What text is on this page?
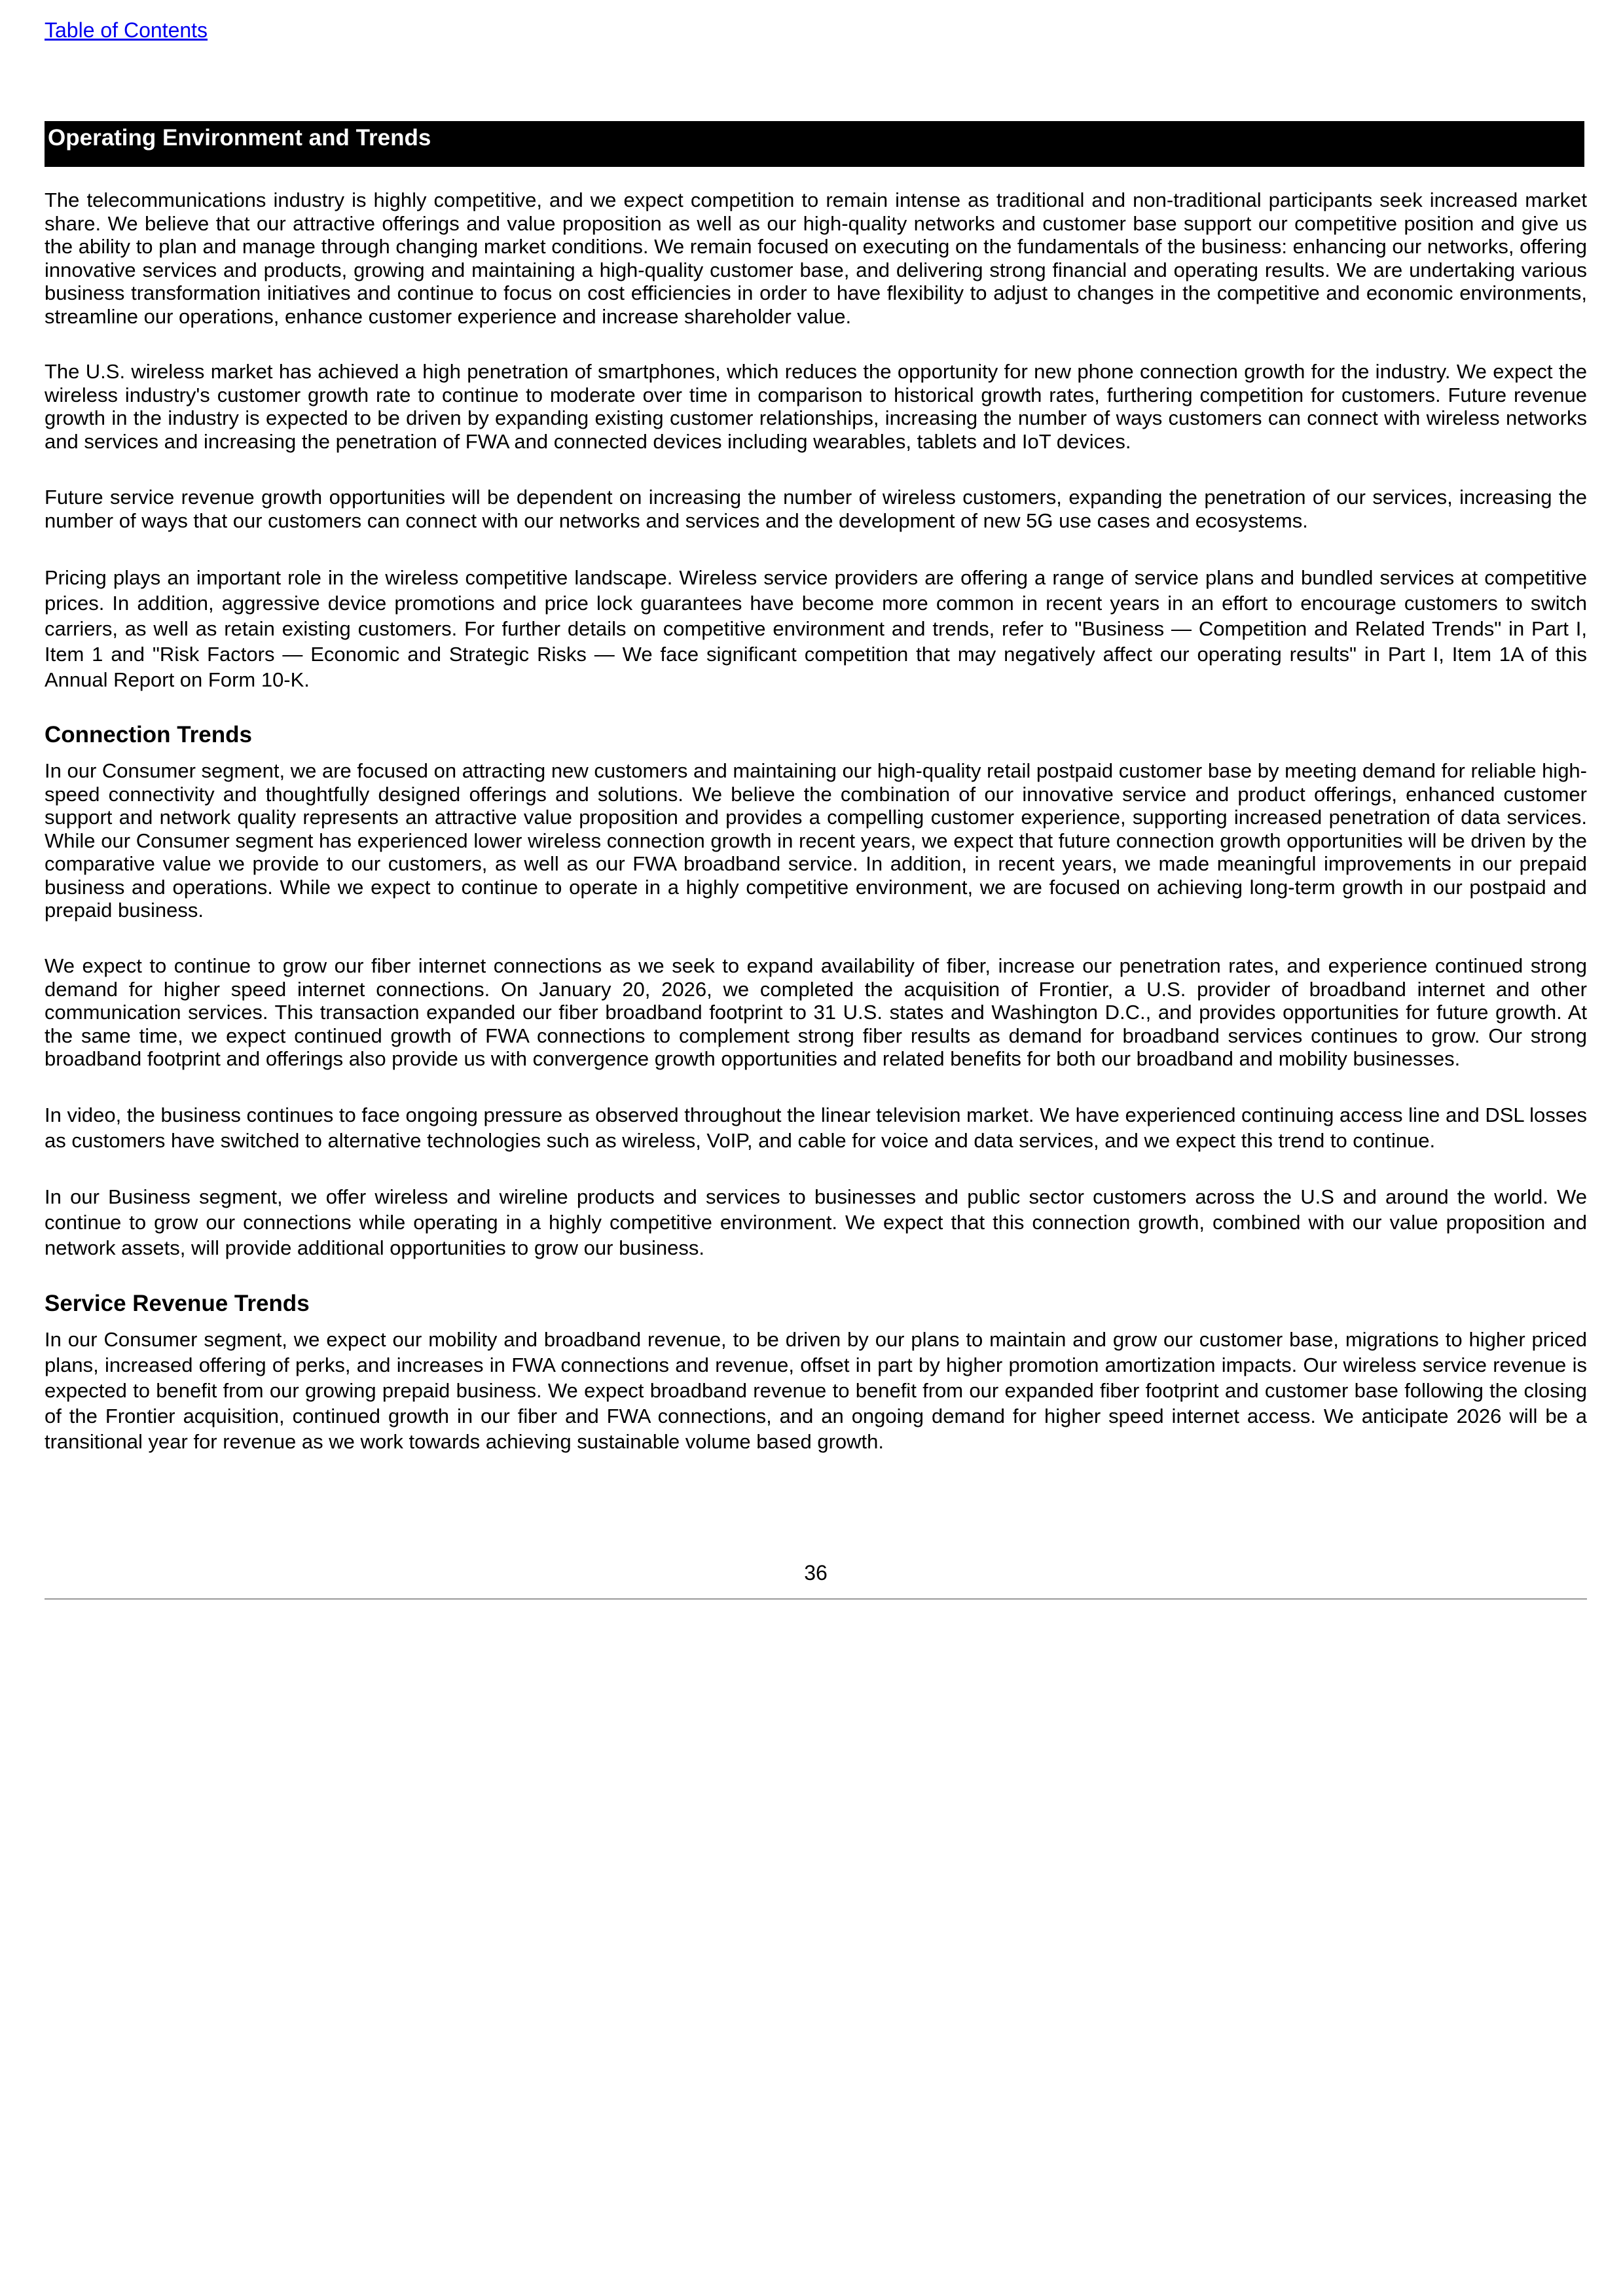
Table of Contents
Operating Environment and Trends

The telecommunications industry is highly competitive, and we expect competition to remain intense as traditional and non-traditional participants seek increased market share. We believe that our attractive offerings and value proposition as well as our high-quality networks and customer base support our competitive position and give us the ability to plan and manage through changing market conditions. We remain focused on executing on the fundamentals of the business: enhancing our networks, offering innovative services and products, growing and maintaining a high-quality customer base, and delivering strong financial and operating results. We are undertaking various business transformation initiatives and continue to focus on cost efficiencies in order to have flexibility to adjust to changes in the competitive and economic environments, streamline our operations, enhance customer experience and increase shareholder value.

The U.S. wireless market has achieved a high penetration of smartphones, which reduces the opportunity for new phone connection growth for the industry. We expect the wireless industry's customer growth rate to continue to moderate over time in comparison to historical growth rates, furthering competition for customers. Future revenue growth in the industry is expected to be driven by expanding existing customer relationships, increasing the number of ways customers can connect with wireless networks and services and increasing the penetration of FWA and connected devices including wearables, tablets and IoT devices.

Future service revenue growth opportunities will be dependent on increasing the number of wireless customers, expanding the penetration of our services, increasing the number of ways that our customers can connect with our networks and services and the development of new 5G use cases and ecosystems.

Pricing plays an important role in the wireless competitive landscape. Wireless service providers are offering a range of service plans and bundled services at competitive prices. In addition, aggressive device promotions and price lock guarantees have become more common in recent years in an effort to encourage customers to switch carriers, as well as retain existing customers. For further details on competitive environment and trends, refer to "Business — Competition and Related Trends" in Part I, Item 1 and "Risk Factors — Economic and Strategic Risks — We face significant competition that may negatively affect our operating results" in Part I, Item 1A of this Annual Report on Form 10-K.

Connection Trends

In our Consumer segment, we are focused on attracting new customers and maintaining our high-quality retail postpaid customer base by meeting demand for reliable high-speed connectivity and thoughtfully designed offerings and solutions. We believe the combination of our innovative service and product offerings, enhanced customer support and network quality represents an attractive value proposition and provides a compelling customer experience, supporting increased penetration of data services. While our Consumer segment has experienced lower wireless connection growth in recent years, we expect that future connection growth opportunities will be driven by the comparative value we provide to our customers, as well as our FWA broadband service. In addition, in recent years, we made meaningful improvements in our prepaid business and operations. While we expect to continue to operate in a highly competitive environment, we are focused on achieving long-term growth in our postpaid and prepaid business.

We expect to continue to grow our fiber internet connections as we seek to expand availability of fiber, increase our penetration rates, and experience continued strong demand for higher speed internet connections. On January 20, 2026, we completed the acquisition of Frontier, a U.S. provider of broadband internet and other communication services. This transaction expanded our fiber broadband footprint to 31 U.S. states and Washington D.C., and provides opportunities for future growth. At the same time, we expect continued growth of FWA connections to complement strong fiber results as demand for broadband services continues to grow. Our strong broadband footprint and offerings also provide us with convergence growth opportunities and related benefits for both our broadband and mobility businesses.

In video, the business continues to face ongoing pressure as observed throughout the linear television market. We have experienced continuing access line and DSL losses as customers have switched to alternative technologies such as wireless, VoIP, and cable for voice and data services, and we expect this trend to continue.

In our Business segment, we offer wireless and wireline products and services to businesses and public sector customers across the U.S and around the world. We continue to grow our connections while operating in a highly competitive environment. We expect that this connection growth, combined with our value proposition and network assets, will provide additional opportunities to grow our business.

Service Revenue Trends

In our Consumer segment, we expect our mobility and broadband revenue, to be driven by our plans to maintain and grow our customer base, migrations to higher priced plans, increased offering of perks, and increases in FWA connections and revenue, offset in part by higher promotion amortization impacts. Our wireless service revenue is expected to benefit from our growing prepaid business. We expect broadband revenue to benefit from our expanded fiber footprint and customer base following the closing of the Frontier acquisition, continued growth in our fiber and FWA connections, and an ongoing demand for higher speed internet access. We anticipate 2026 will be a transitional year for revenue as we work towards achieving sustainable volume based growth.

36
